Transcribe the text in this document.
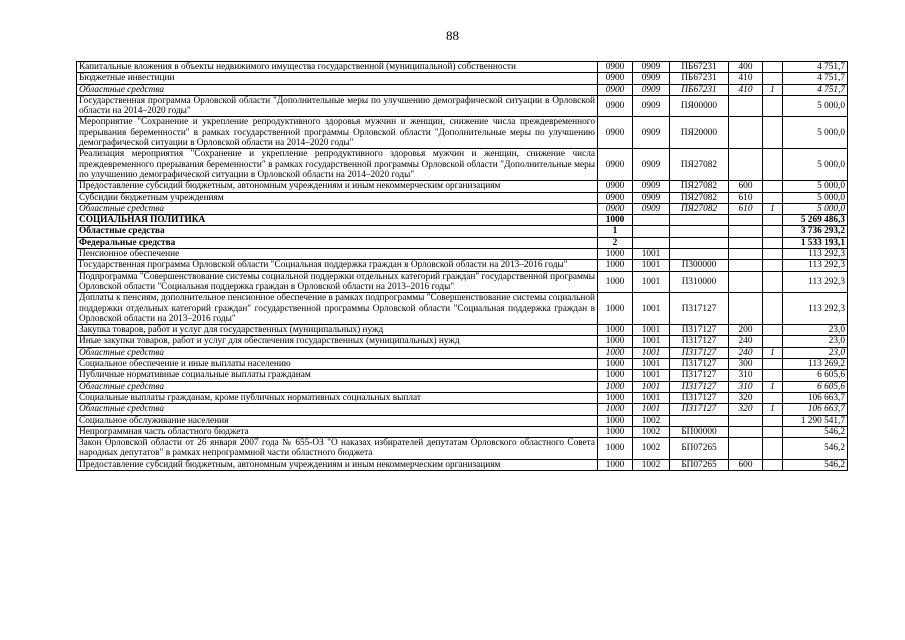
88
Капитальные вложения в объекты недвижимого имущества государственной (муниципальной) собственности	0900	0909	ПБ67231	400		4 751,7
Бюджетные инвестиции	0900	0909	ПБ67231	410		4 751,7
Областные средства	0900	0909	ПБ67231	410	1	4 751,7
Государственная программа Орловской области "Дополнительные меры по улучшению демографической ситуации в Орловской области на 2014–2020 годы"	0900	0909	ПЯ00000			5 000,0
Мероприятие "Сохранение и укрепление репродуктивного здоровья мужчин и женщин, снижение числа преждевременного прерывания беременности" в рамках государственной программы Орловской области "Дополнительные меры по улучшению демографической ситуации в Орловской области на 2014–2020 годы"	0900	0909	ПЯ20000			5 000,0
Реализация мероприятия "Сохранение и укрепление репродуктивного здоровья мужчин и женщин, снижение числа преждевременного прерывания беременности" в рамках государственной программы Орловской области "Дополнительные меры по улучшению демографической ситуации в Орловской области на 2014–2020 годы"	0900	0909	ПЯ27082			5 000,0
Предоставление субсидий бюджетным, автономным учреждениям и иным некоммерческим организациям	0900	0909	ПЯ27082	600		5 000,0
Субсидии бюджетным учреждениям	0900	0909	ПЯ27082	610		5 000,0
Областные средства	0900	0909	ПЯ27082	610	1	5 000,0
СОЦИАЛЬНАЯ ПОЛИТИКА	1000					5 269 486,3
Областные средства	1					3 736 293,2
Федеральные средства	2					1 533 193,1
Пенсионное обеспечение	1000	1001				113 292,3
Государственная программа Орловской области "Социальная поддержка граждан в Орловской области на 2013–2016 годы"	1000	1001	П300000			113 292,3
Подпрограмма "Совершенствование системы социальной поддержки отдельных категорий граждан" государственной программы Орловской области "Социальная поддержка граждан в Орловской области на 2013–2016 годы"	1000	1001	П310000			113 292,3
Доплаты к пенсиям, дополнительное пенсионное обеспечение в рамках подпрограммы "Совершенствование системы социальной поддержки отдельных категорий граждан" государственной программы Орловской области "Социальная поддержка граждан в Орловской области на 2013–2016 годы"	1000	1001	П317127			113 292,3
Закупка товаров, работ и услуг для государственных (муниципальных) нужд	1000	1001	П317127	200		23,0
Иные закупки товаров, работ и услуг для обеспечения государственных (муниципальных) нужд	1000	1001	П317127	240		23,0
Областные средства	1000	1001	П317127	240	1	23,0
Социальное обеспечение и иные выплаты населению	1000	1001	П317127	300		113 269,2
Публичные нормативные социальные выплаты гражданам	1000	1001	П317127	310		6 605,6
Областные средства	1000	1001	П317127	310	1	6 605,6
Социальные выплаты гражданам, кроме публичных нормативных социальных выплат	1000	1001	П317127	320		106 663,7
Областные средства	1000	1001	П317127	320	1	106 663,7
Социальное обслуживание населения	1000	1002				1 290 541,7
Непрограммная часть областного бюджета	1000	1002	БП00000			546,2
Закон Орловской области от 26 января 2007 года № 655-ОЗ "О наказах избирателей депутатам Орловского областного Совета народных депутатов" в рамках непрограммной части областного бюджета	1000	1002	БП07265			546,2
Предоставление субсидий бюджетным, автономным учреждениям и иным некоммерческим организациям	1000	1002	БП07265	600		546,2
